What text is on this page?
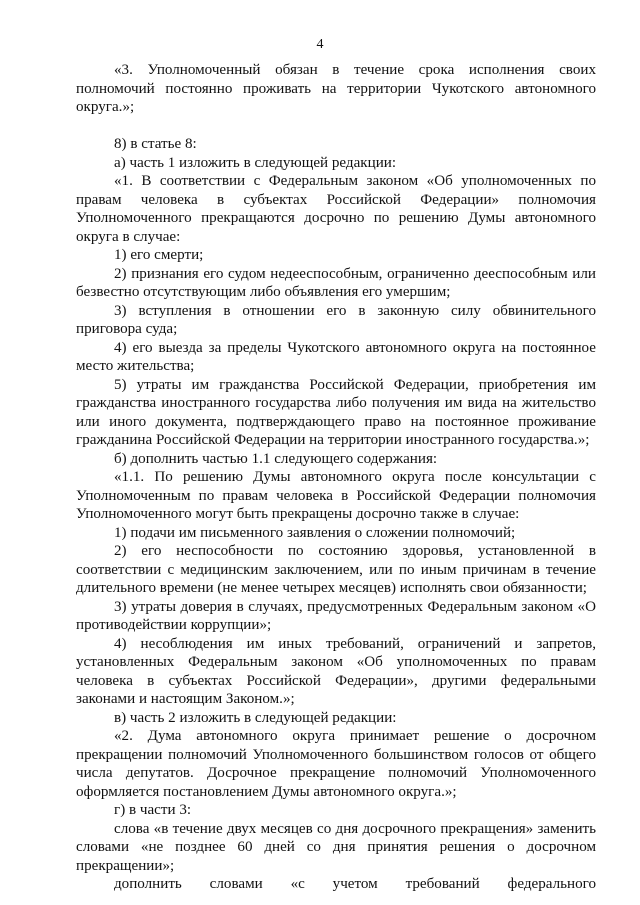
4

«3. Уполномоченный обязан в течение срока исполнения своих полномочий постоянно проживать на территории Чукотского автономного округа.»;

8) в статье 8:

а) часть 1 изложить в следующей редакции:

«1. В соответствии с Федеральным законом «Об уполномоченных по правам человека в субъектах Российской Федерации» полномочия Уполномоченного прекращаются досрочно по решению Думы автономного округа в случае:

1) его смерти;

2) признания его судом недееспособным, ограниченно дееспособным или безвестно отсутствующим либо объявления его умершим;

3) вступления в отношении его в законную силу обвинительного приговора суда;

4) его выезда за пределы Чукотского автономного округа на постоянное место жительства;

5) утраты им гражданства Российской Федерации, приобретения им гражданства иностранного государства либо получения им вида на жительство или иного документа, подтверждающего право на постоянное проживание гражданина Российской Федерации на территории иностранного государства.»;

б) дополнить частью 1.1 следующего содержания:

«1.1. По решению Думы автономного округа после консультации с Уполномоченным по правам человека в Российской Федерации полномочия Уполномоченного могут быть прекращены досрочно также в случае:

1) подачи им письменного заявления о сложении полномочий;

2) его неспособности по состоянию здоровья, установленной в соответствии с медицинским заключением, или по иным причинам в течение длительного времени (не менее четырех месяцев) исполнять свои обязанности;

3) утраты доверия в случаях, предусмотренных Федеральным законом «О противодействии коррупции»;

4) несоблюдения им иных требований, ограничений и запретов, установленных Федеральным законом «Об уполномоченных по правам человека в субъектах Российской Федерации», другими федеральными законами и настоящим Законом.»;

в) часть 2 изложить в следующей редакции:

«2. Дума автономного округа принимает решение о досрочном прекращении полномочий Уполномоченного большинством голосов от общего числа депутатов. Досрочное прекращение полномочий Уполномоченного оформляется постановлением Думы автономного округа.»;

г) в части 3:

слова «в течение двух месяцев со дня досрочного прекращения» заменить словами «не позднее 60 дней со дня принятия решения о досрочном прекращении»;

дополнить словами «с учетом требований федерального
